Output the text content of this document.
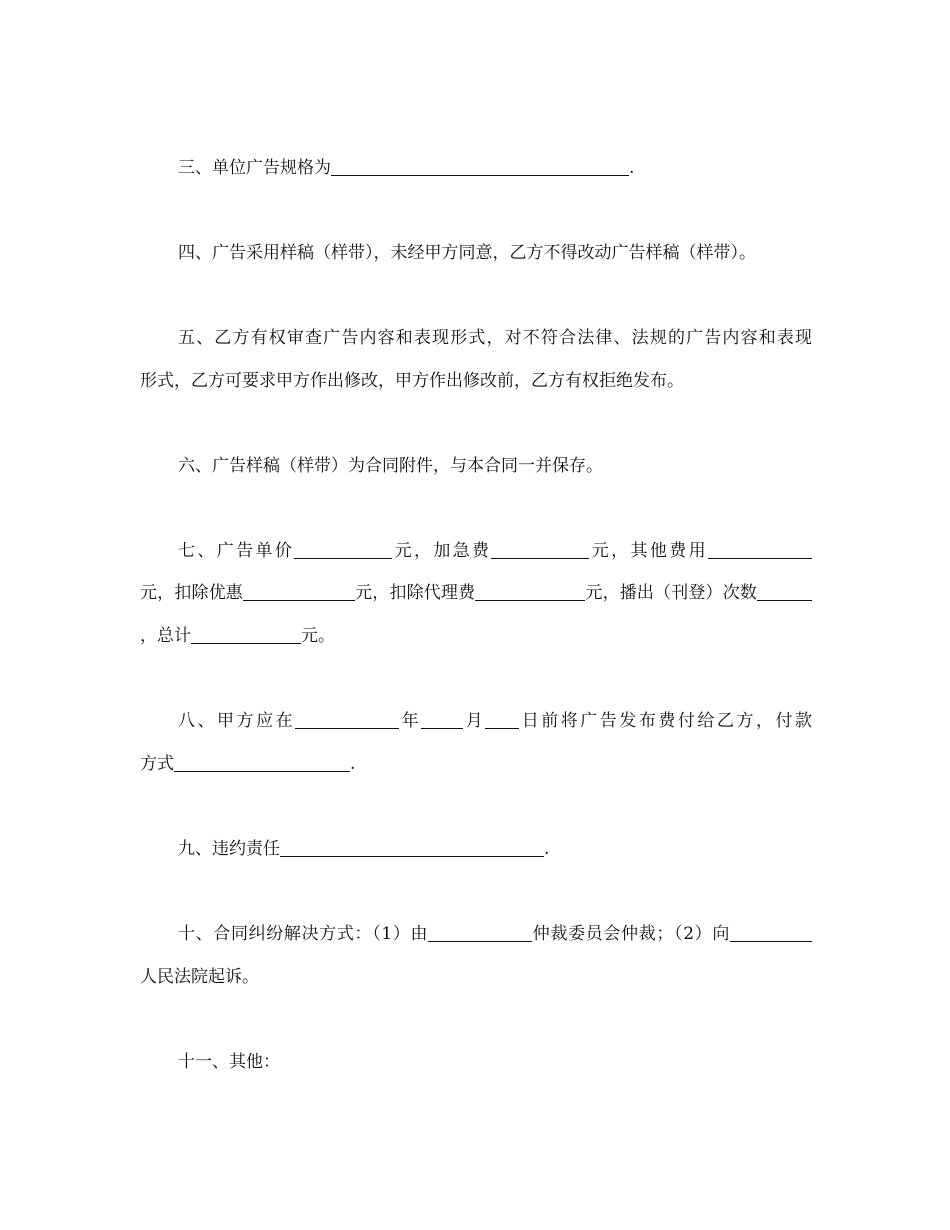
三、单位广告规格为	.
四、广告采用样稿（样带），未经甲方同意，乙方不得改动广告样稿（样带）。
五、乙方有权审查广告内容和表现形式，对不符合法律、法规的广告内容和表现
形式，乙方可要求甲方作出修改，甲方作出修改前，乙方有权拒绝发布。
六、广告样稿（样带）为合同附件，与本合同一并保存。
七、广告单价	元，加急费	元，其他费用
元，扣除优惠	元，扣除代理费	元，播出（刊登）次数
，总计	元。
八、甲方应在	年 月 日前将广告发布费付给乙方，付款
方式	.
九、违约责任	.
十、合同纠纷解决方式：（1）由	仲裁委员会仲裁；（2）向
人民法院起诉。
十一、其他：
